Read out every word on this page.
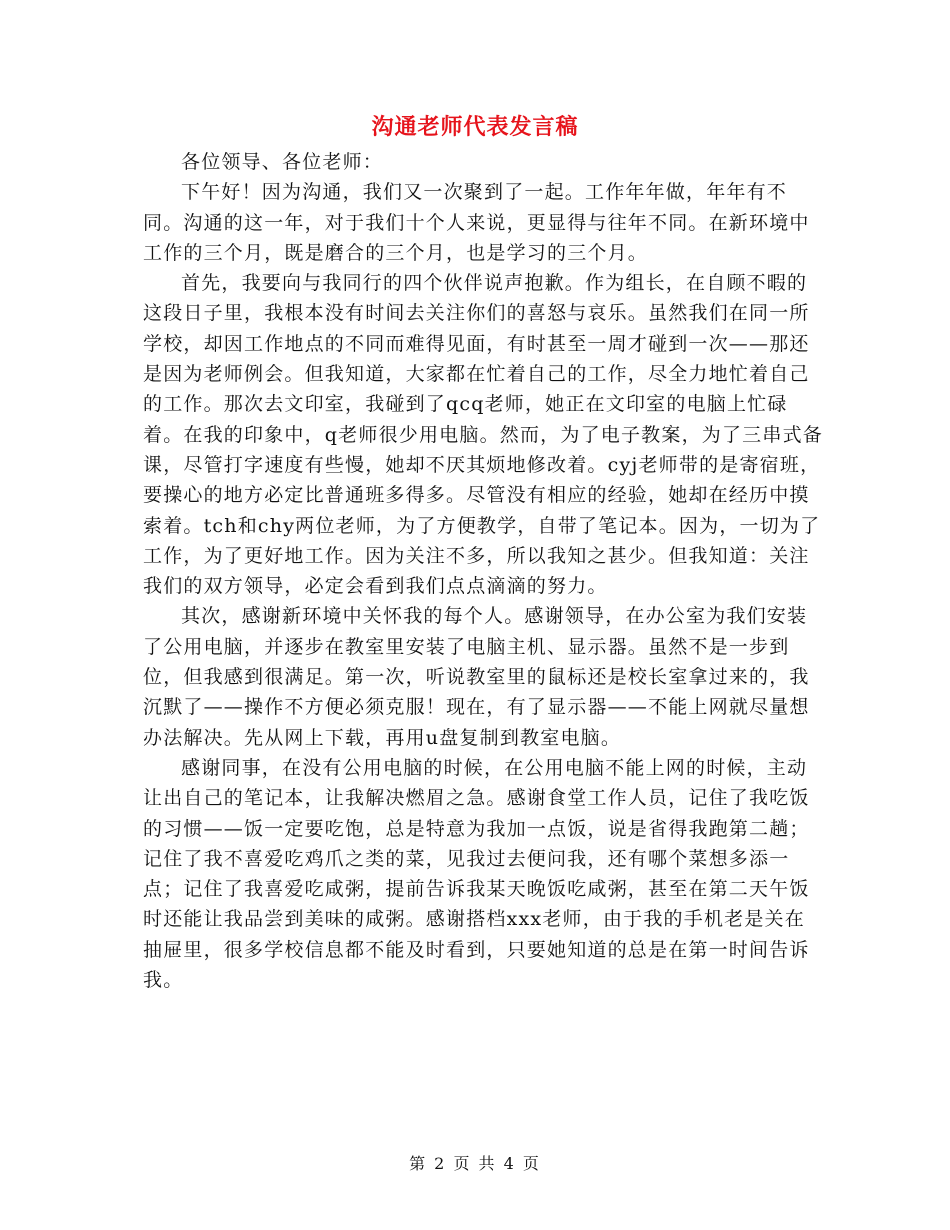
沟通老师代表发言稿

各位领导、各位老师：

下午好！因为沟通，我们又一次聚到了一起。工作年年做，年年有不同。沟通的这一年，对于我们十个人来说，更显得与往年不同。在新环境中工作的三个月，既是磨合的三个月，也是学习的三个月。

首先，我要向与我同行的四个伙伴说声抱歉。作为组长，在自顾不暇的这段日子里，我根本没有时间去关注你们的喜怒与哀乐。虽然我们在同一所学校，却因工作地点的不同而难得见面，有时甚至一周才碰到一次——那还是因为老师例会。但我知道，大家都在忙着自己的工作，尽全力地忙着自己的工作。那次去文印室，我碰到了qcq老师，她正在文印室的电脑上忙碌着。在我的印象中，q老师很少用电脑。然而，为了电子教案，为了三串式备课，尽管打字速度有些慢，她却不厌其烦地修改着。cyj老师带的是寄宿班，要操心的地方必定比普通班多得多。尽管没有相应的经验，她却在经历中摸索着。tch和chy两位老师，为了方便教学，自带了笔记本。因为，一切为了工作，为了更好地工作。因为关注不多，所以我知之甚少。但我知道：关注我们的双方领导，必定会看到我们点点滴滴的努力。

其次，感谢新环境中关怀我的每个人。感谢领导，在办公室为我们安装了公用电脑，并逐步在教室里安装了电脑主机、显示器。虽然不是一步到位，但我感到很满足。第一次，听说教室里的鼠标还是校长室拿过来的，我沉默了——操作不方便必须克服！现在，有了显示器——不能上网就尽量想办法解决。先从网上下载，再用u盘复制到教室电脑。

感谢同事，在没有公用电脑的时候，在公用电脑不能上网的时候，主动让出自己的笔记本，让我解决燃眉之急。感谢食堂工作人员，记住了我吃饭的习惯——饭一定要吃饱，总是特意为我加一点饭，说是省得我跑第二趟；记住了我不喜爱吃鸡爪之类的菜，见我过去便问我，还有哪个菜想多添一点；记住了我喜爱吃咸粥，提前告诉我某天晚饭吃咸粥，甚至在第二天午饭时还能让我品尝到美味的咸粥。感谢搭档xxx老师，由于我的手机老是关在抽屉里，很多学校信息都不能及时看到，只要她知道的总是在第一时间告诉我。

第 2 页 共 4 页
